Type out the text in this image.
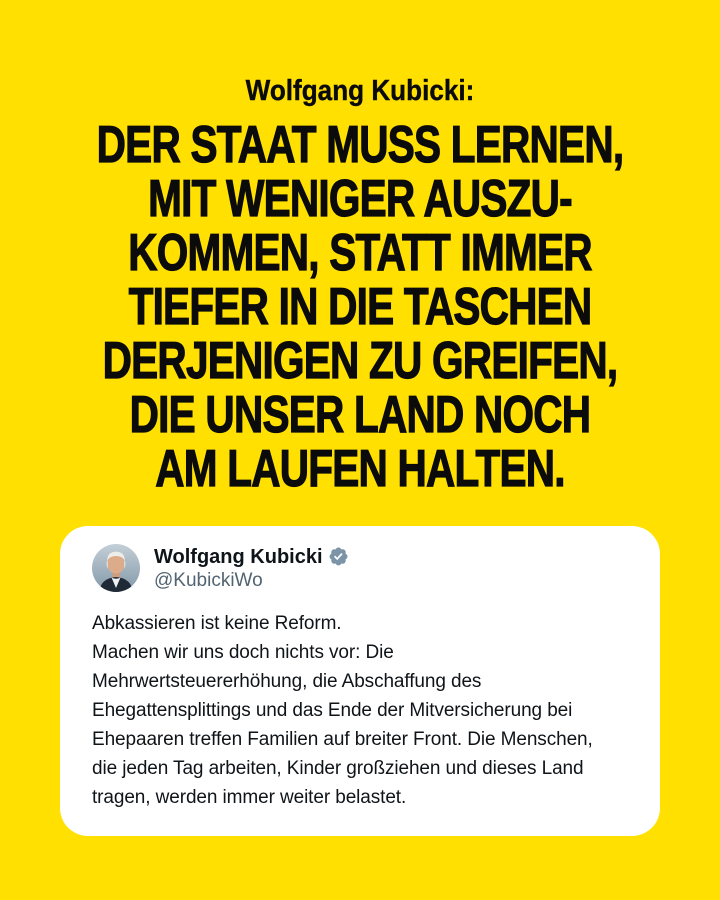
Wolfgang Kubicki:
DER STAAT MUSS LERNEN,
MIT WENIGER AUSZU-
KOMMEN, STATT IMMER
TIEFER IN DIE TASCHEN
DERJENIGEN ZU GREIFEN,
DIE UNSER LAND NOCH
AM LAUFEN HALTEN.
Wolfgang Kubicki
@KubickiWo
Abkassieren ist keine Reform.
Machen wir uns doch nichts vor: Die
Mehrwertsteuererhöhung, die Abschaffung des
Ehegattensplittings und das Ende der Mitversicherung bei
Ehepaaren treffen Familien auf breiter Front. Die Menschen,
die jeden Tag arbeiten, Kinder großziehen und dieses Land
tragen, werden immer weiter belastet.
